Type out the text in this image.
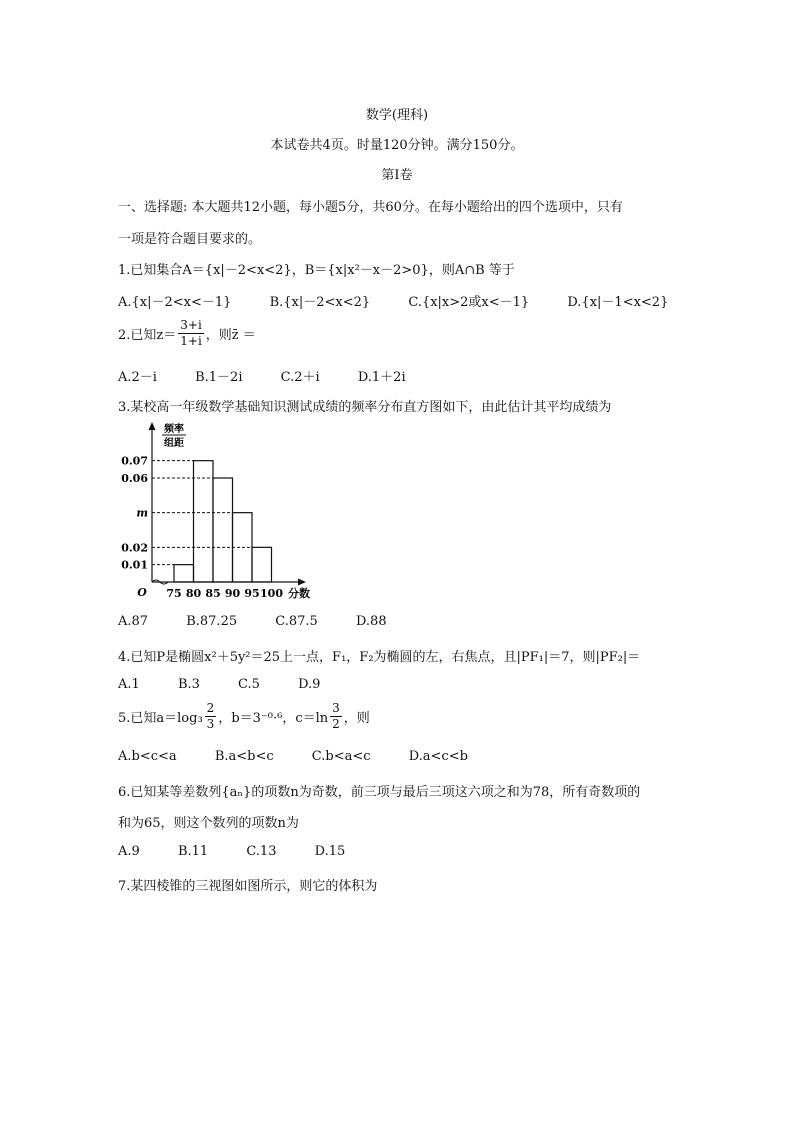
数学(理科)
本试卷共4页。时量120分钟。满分150分。
第Ⅰ卷
一、选择题: 本大题共12小题，每小题5分，共60分。在每小题给出的四个选项中，只有
一项是符合题目要求的。
1.已知集合A＝{x|－2<x<2}，B＝{x|x²－x－2>0}，则A∩B 等于
A.{x|－2<x<－1}	B.{x|－2<x<2}	C.{x|x>2或x<－1}	D.{x|－1<x<2}
2.已知$z= \frac{3+i}{1+i}$ ，则z̄ ＝
A.2－i	B.1－2i	C.2＋i	D.1＋2i
3.某校高一年级数学基础知识测试成绩的频率分布直方图如下，由此估计其平均成绩为
0.07
0.06
m
0.02
0.01
75 80 85 90 95 100
O	分数
频率
组距
A.87	B.87.25	C.87.5	D.88
4.已知P是椭圆x²＋5y²＝25上一点，F₁，F₂为椭圆的左，右焦点，且|PF₁|＝7，则|PF₂|＝
A.1	B.3	C.5	D.9
5.已知$a=\log_3 \frac{2}{3}$ ，b＝3⁻⁰·⁶，$c=\ln \frac{3}{2}$ ，则
A.b<c<a	B.a<b<c	C.b<a<c	D.a<c<b
6.已知某等差数列{aₙ}的项数n为奇数，前三项与最后三项这六项之和为78，所有奇数项的
和为65，则这个数列的项数n为
A.9	B.11	C.13	D.15
7.某四棱锥的三视图如图所示，则它的体积为
